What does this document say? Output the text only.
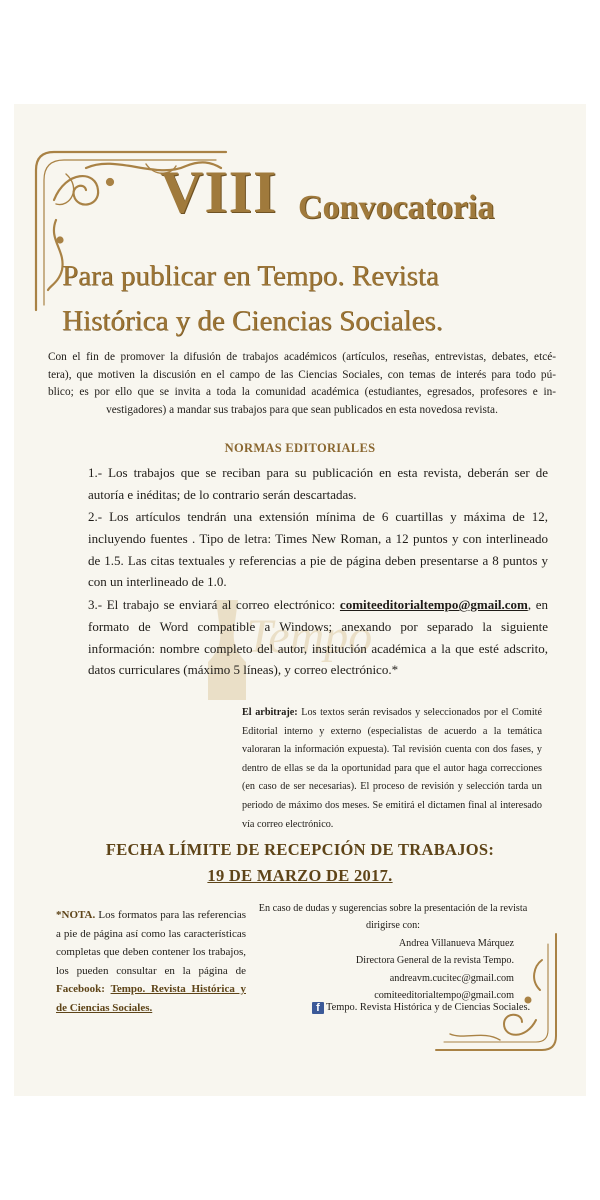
Tempo
VIII Convocatoria
Para publicar en Tempo. Revista
Histórica y de Ciencias Sociales.
Con el fin de promover la difusión de trabajos académicos (artículos, reseñas, entrevistas, debates, etcé-
tera), que motiven la discusión en el campo de las Ciencias Sociales, con temas de interés para todo pú-
blico; es por ello que se invita a toda la comunidad académica (estudiantes, egresados, profesores e in-
vestigadores) a mandar sus trabajos para que sean publicados en esta novedosa revista.
NORMAS EDITORIALES
1.- Los trabajos que se reciban para su publicación en esta revista, deberán ser de autoría e inéditas; de lo contrario serán descartadas.
2.- Los artículos tendrán una extensión mínima de 6 cuartillas y máxima de 12, incluyendo fuentes . Tipo de letra: Times New Roman, a 12 puntos y con interlineado de 1.5. Las citas textuales y referencias a pie de página deben presentarse a 8 puntos y con un interlineado de 1.0.
3.- El trabajo se enviará al correo electrónico: comiteeditorialtempo@gmail.com, en formato de Word compatible a Windows; anexando por separado la siguiente información: nombre completo del autor, institución académica a la que esté adscrito, datos curriculares (máximo 5 líneas), y correo electrónico.*
El arbitraje: Los textos serán revisados y seleccionados por el Comité Editorial interno y externo (especialistas de acuerdo a la temática valoraran la información expuesta). Tal revisión cuenta con dos fases, y dentro de ellas se da la oportunidad para que el autor haga correcciones (en caso de ser necesarias). El proceso de revisión y selección tarda un periodo de máximo dos meses. Se emitirá el dictamen final al interesado vía correo electrónico.
FECHA LÍMITE DE RECEPCIÓN DE TRABAJOS:
19 DE MARZO DE 2017.
*NOTA. Los formatos para las referencias a pie de página así como las características completas que deben contener los trabajos, los pueden consultar en la página de Facebook: Tempo. Revista Histórica y de Ciencias Sociales.
En caso de dudas y sugerencias sobre la presentación de la revista dirigirse con:
Andrea Villanueva Márquez
Directora General de la revista Tempo.
andreavm.cucitec@gmail.com
comiteeditorialtempo@gmail.com
f Tempo. Revista Histórica y de Ciencias Sociales.
